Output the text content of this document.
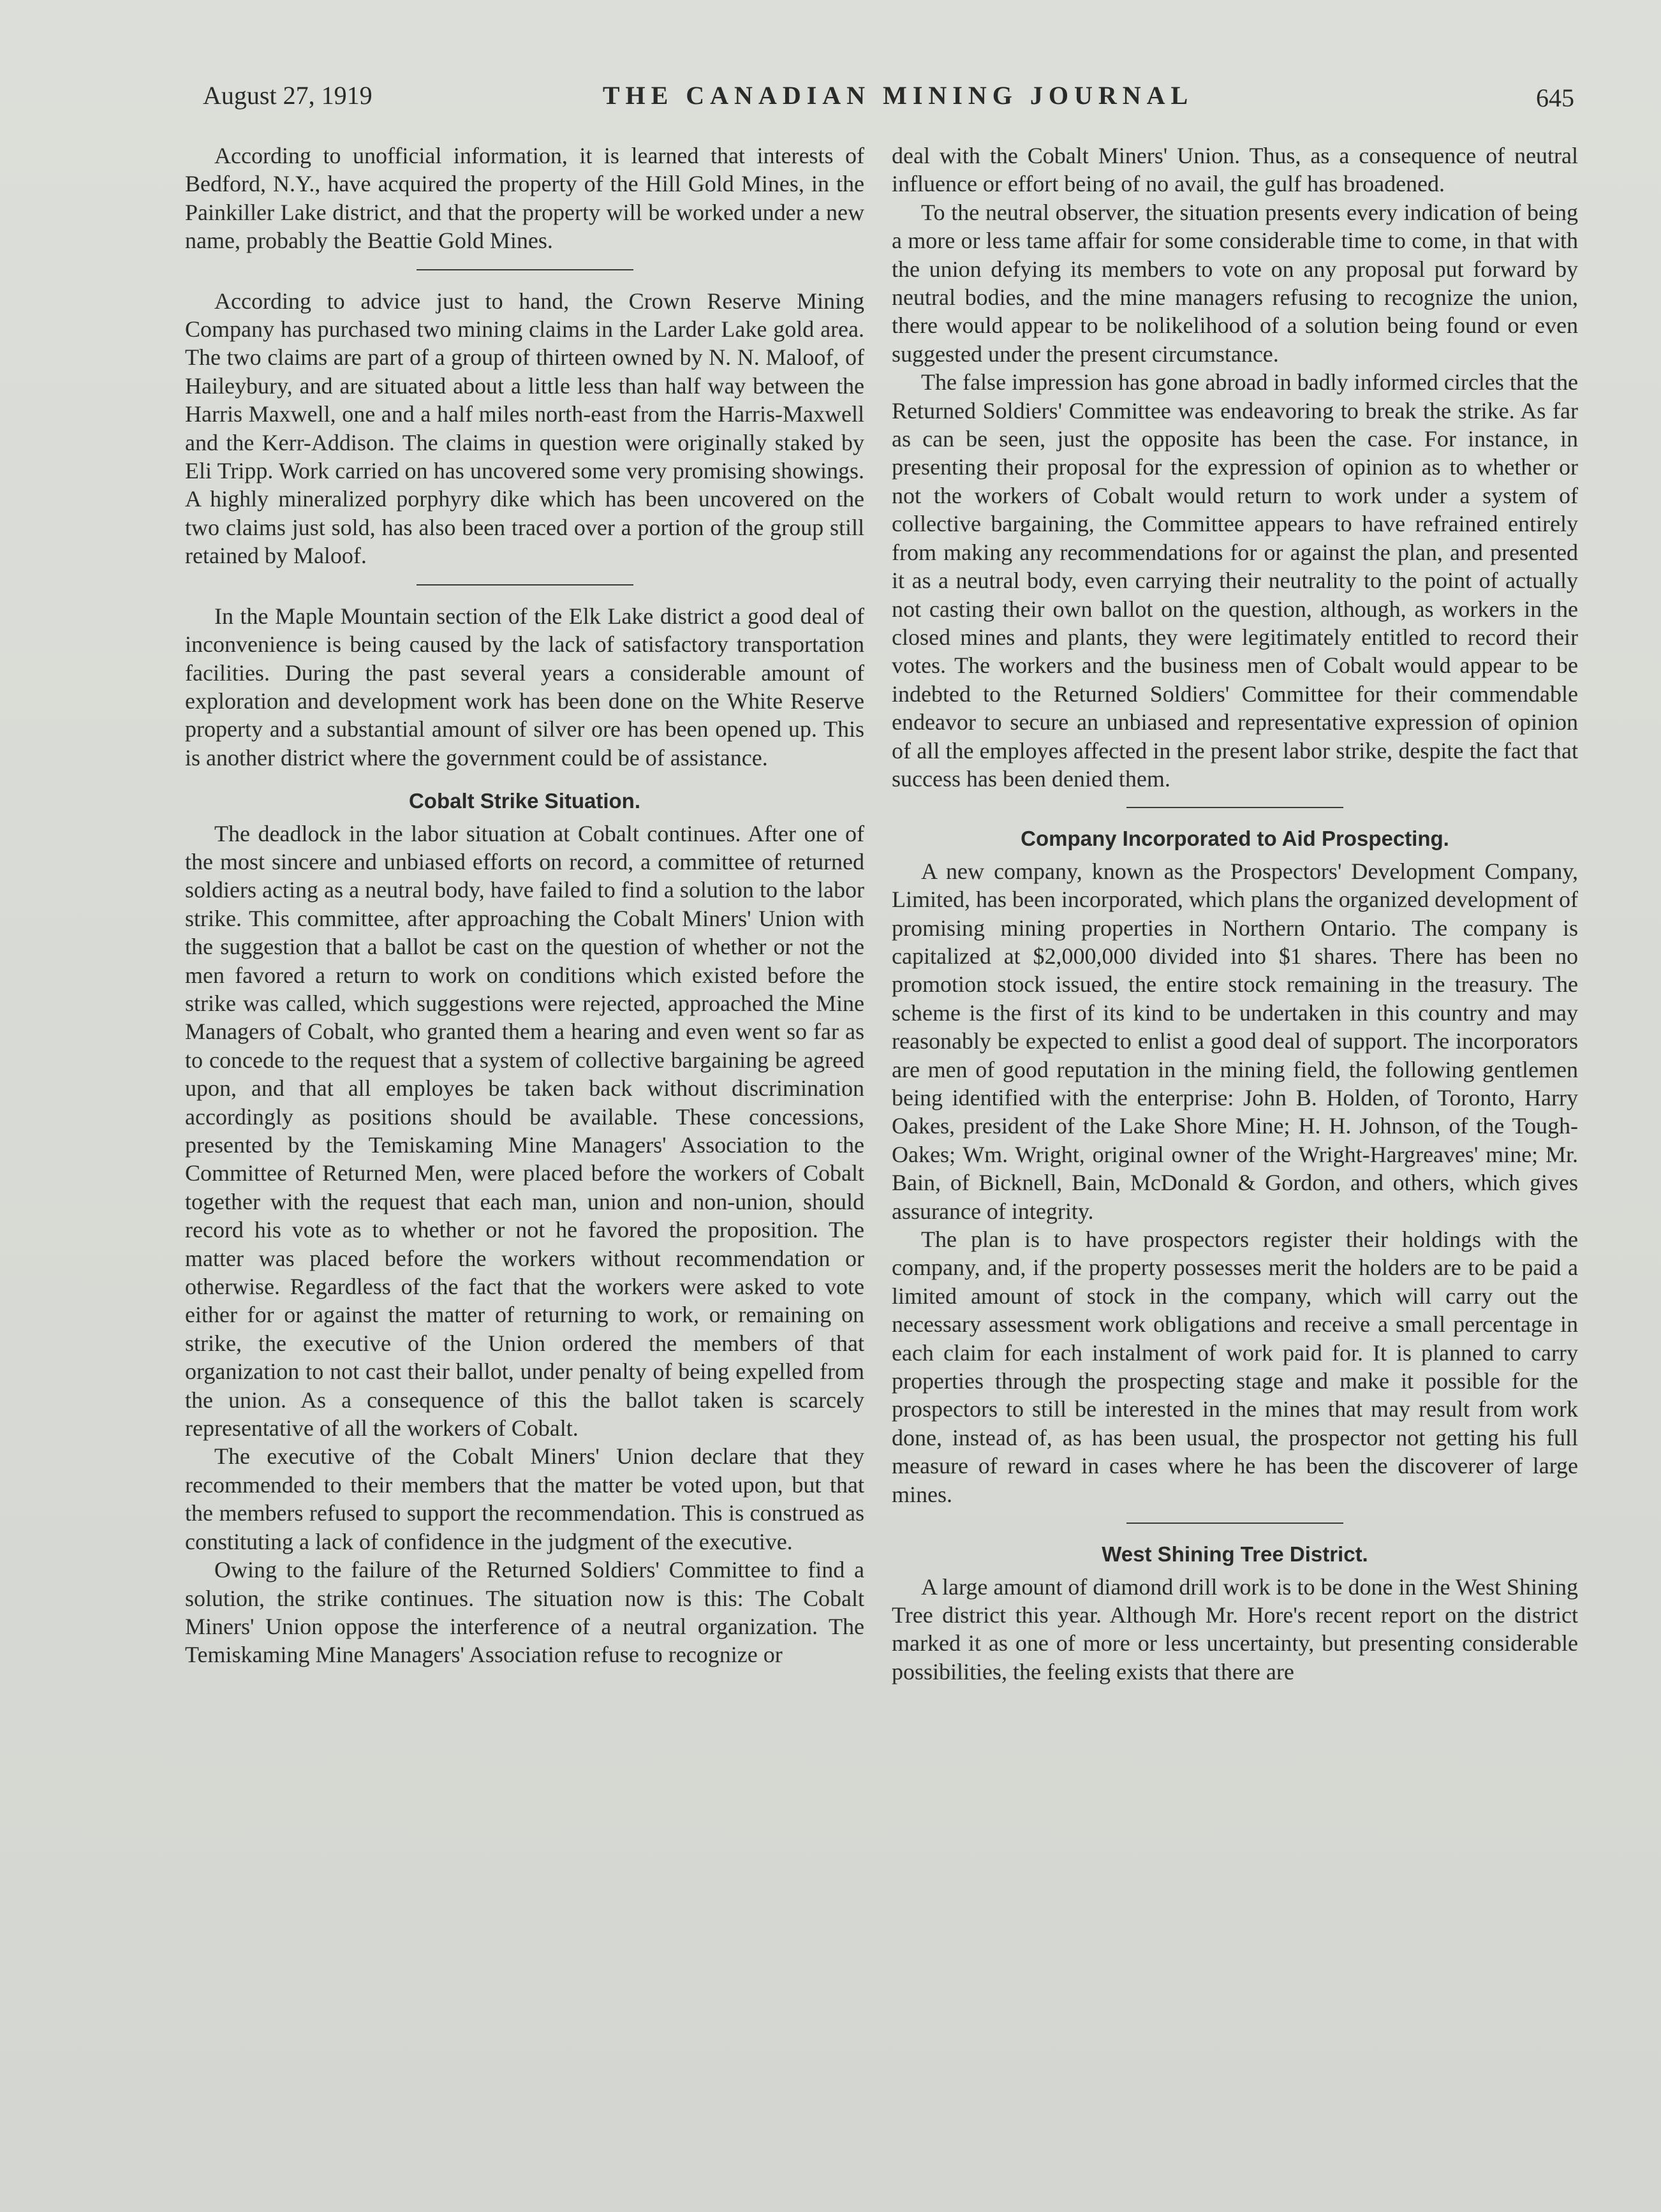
August 27, 1919	THE CANADIAN MINING JOURNAL	645

According to unofficial information, it is learned that interests of Bedford, N.Y., have acquired the property of the Hill Gold Mines, in the Painkiller Lake district, and that the property will be worked under a new name, probably the Beattie Gold Mines.

According to advice just to hand, the Crown Reserve Mining Company has purchased two mining claims in the Larder Lake gold area. The two claims are part of a group of thirteen owned by N. N. Maloof, of Haileybury, and are situated about a little less than half way between the Harris Maxwell, one and a half miles north-east from the Harris-Maxwell and the Kerr-Addison. The claims in question were originally staked by Eli Tripp. Work carried on has uncovered some very promising showings. A highly mineralized porphyry dike which has been uncovered on the two claims just sold, has also been traced over a portion of the group still retained by Maloof.

In the Maple Mountain section of the Elk Lake district a good deal of inconvenience is being caused by the lack of satisfactory transportation facilities. During the past several years a considerable amount of exploration and development work has been done on the White Reserve property and a substantial amount of silver ore has been opened up. This is another district where the government could be of assistance.

Cobalt Strike Situation.

The deadlock in the labor situation at Cobalt continues. After one of the most sincere and unbiased efforts on record, a committee of returned soldiers acting as a neutral body, have failed to find a solution to the labor strike. This committee, after approaching the Cobalt Miners' Union with the suggestion that a ballot be cast on the question of whether or not the men favored a return to work on conditions which existed before the strike was called, which suggestions were rejected, approached the Mine Managers of Cobalt, who granted them a hearing and even went so far as to concede to the request that a system of collective bargaining be agreed upon, and that all employes be taken back without discrimination accordingly as positions should be available. These concessions, presented by the Temiskaming Mine Managers' Association to the Committee of Returned Men, were placed before the workers of Cobalt together with the request that each man, union and non-union, should record his vote as to whether or not he favored the proposition. The matter was placed before the workers without recommendation or otherwise. Regardless of the fact that the workers were asked to vote either for or against the matter of returning to work, or remaining on strike, the executive of the Union ordered the members of that organization to not cast their ballot, under penalty of being expelled from the union. As a consequence of this the ballot taken is scarcely representative of all the workers of Cobalt.

The executive of the Cobalt Miners' Union declare that they recommended to their members that the matter be voted upon, but that the members refused to support the recommendation. This is construed as constituting a lack of confidence in the judgment of the executive.

Owing to the failure of the Returned Soldiers' Committee to find a solution, the strike continues. The situation now is this: The Cobalt Miners' Union oppose the interference of a neutral organization. The Temiskaming Mine Managers' Association refuse to recognize or

deal with the Cobalt Miners' Union. Thus, as a consequence of neutral influence or effort being of no avail, the gulf has broadened.

To the neutral observer, the situation presents every indication of being a more or less tame affair for some considerable time to come, in that with the union defying its members to vote on any proposal put forward by neutral bodies, and the mine managers refusing to recognize the union, there would appear to be nolikelihood of a solution being found or even suggested under the present circumstance.

The false impression has gone abroad in badly informed circles that the Returned Soldiers' Committee was endeavoring to break the strike. As far as can be seen, just the opposite has been the case. For instance, in presenting their proposal for the expression of opinion as to whether or not the workers of Cobalt would return to work under a system of collective bargaining, the Committee appears to have refrained entirely from making any recommendations for or against the plan, and presented it as a neutral body, even carrying their neutrality to the point of actually not casting their own ballot on the question, although, as workers in the closed mines and plants, they were legitimately entitled to record their votes. The workers and the business men of Cobalt would appear to be indebted to the Returned Soldiers' Committee for their commendable endeavor to secure an unbiased and representative expression of opinion of all the employes affected in the present labor strike, despite the fact that success has been denied them.

Company Incorporated to Aid Prospecting.

A new company, known as the Prospectors' Development Company, Limited, has been incorporated, which plans the organized development of promising mining properties in Northern Ontario. The company is capitalized at $2,000,000 divided into $1 shares. There has been no promotion stock issued, the entire stock remaining in the treasury. The scheme is the first of its kind to be undertaken in this country and may reasonably be expected to enlist a good deal of support. The incorporators are men of good reputation in the mining field, the following gentlemen being identified with the enterprise: John B. Holden, of Toronto, Harry Oakes, president of the Lake Shore Mine; H. H. Johnson, of the Tough-Oakes; Wm. Wright, original owner of the Wright-Hargreaves' mine; Mr. Bain, of Bicknell, Bain, McDonald & Gordon, and others, which gives assurance of integrity.

The plan is to have prospectors register their holdings with the company, and, if the property possesses merit the holders are to be paid a limited amount of stock in the company, which will carry out the necessary assessment work obligations and receive a small percentage in each claim for each instalment of work paid for. It is planned to carry properties through the prospecting stage and make it possible for the prospectors to still be interested in the mines that may result from work done, instead of, as has been usual, the prospector not getting his full measure of reward in cases where he has been the discoverer of large mines.

West Shining Tree District.

A large amount of diamond drill work is to be done in the West Shining Tree district this year. Although Mr. Hore's recent report on the district marked it as one of more or less uncertainty, but presenting considerable possibilities, the feeling exists that there are
